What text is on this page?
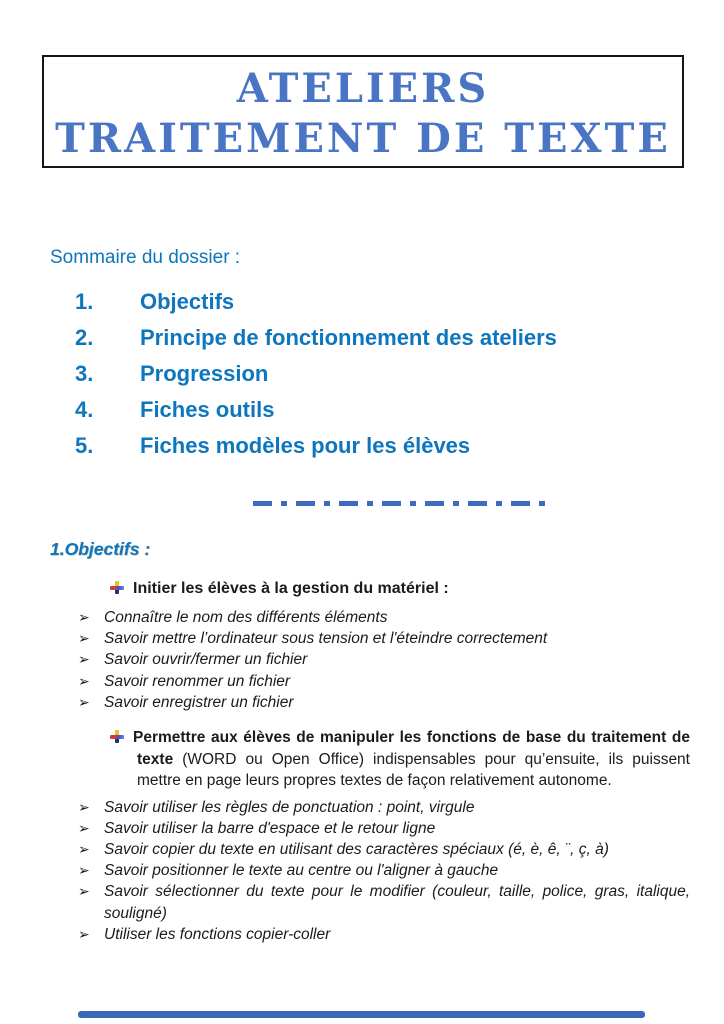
ATELIERS
TRAITEMENT DE TEXTE
Sommaire du dossier :
1.	Objectifs
2.	Principe de fonctionnement des ateliers
3.	Progression
4.	Fiches outils
5.	Fiches modèles pour les élèves
1.Objectifs :
Initier les élèves à la gestion du matériel :
➢ Connaître le nom des différents éléments
➢ Savoir mettre l’ordinateur sous tension et l'éteindre correctement
➢ Savoir ouvrir/fermer un fichier
➢ Savoir renommer un fichier
➢ Savoir enregistrer un fichier

Permettre aux élèves de manipuler les fonctions de base du traitement de texte (WORD ou Open Office) indispensables pour qu’ensuite, ils puissent mettre en page leurs propres textes de façon relativement autonome.

➢ Savoir utiliser les règles de ponctuation : point, virgule
➢ Savoir utiliser la barre d'espace et le retour ligne
➢ Savoir copier du texte en utilisant des caractères spéciaux (é, è, ê, ¨, ç, à)
➢ Savoir positionner le texte au centre ou l'aligner à gauche
➢ Savoir sélectionner du texte pour le modifier (couleur, taille, police, gras, italique, souligné)
➢ Utiliser les fonctions copier-coller
